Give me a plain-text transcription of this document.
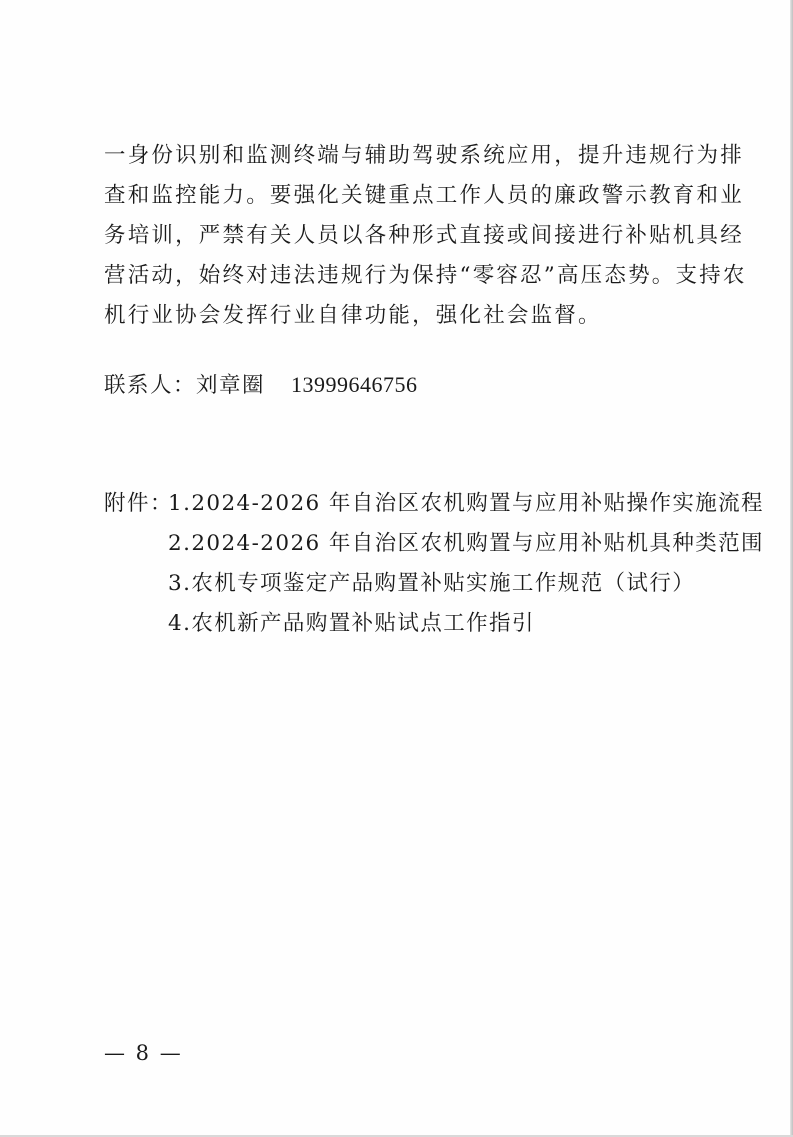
一身份识别和监测终端与辅助驾驶系统应用，提升违规行为排
查和监控能力。要强化关键重点工作人员的廉政警示教育和业
务培训，严禁有关人员以各种形式直接或间接进行补贴机具经
营活动，始终对违法违规行为保持“零容忍”高压态势。支持农
机行业协会发挥行业自律功能，强化社会监督。

联系人：刘章圈 13999646756
附件：
1.2024-2026 年自治区农机购置与应用补贴操作实施流程
2.2024-2026 年自治区农机购置与应用补贴机具种类范围
3.农机专项鉴定产品购置补贴实施工作规范（试行）
4.农机新产品购置补贴试点工作指引
— 8 —
